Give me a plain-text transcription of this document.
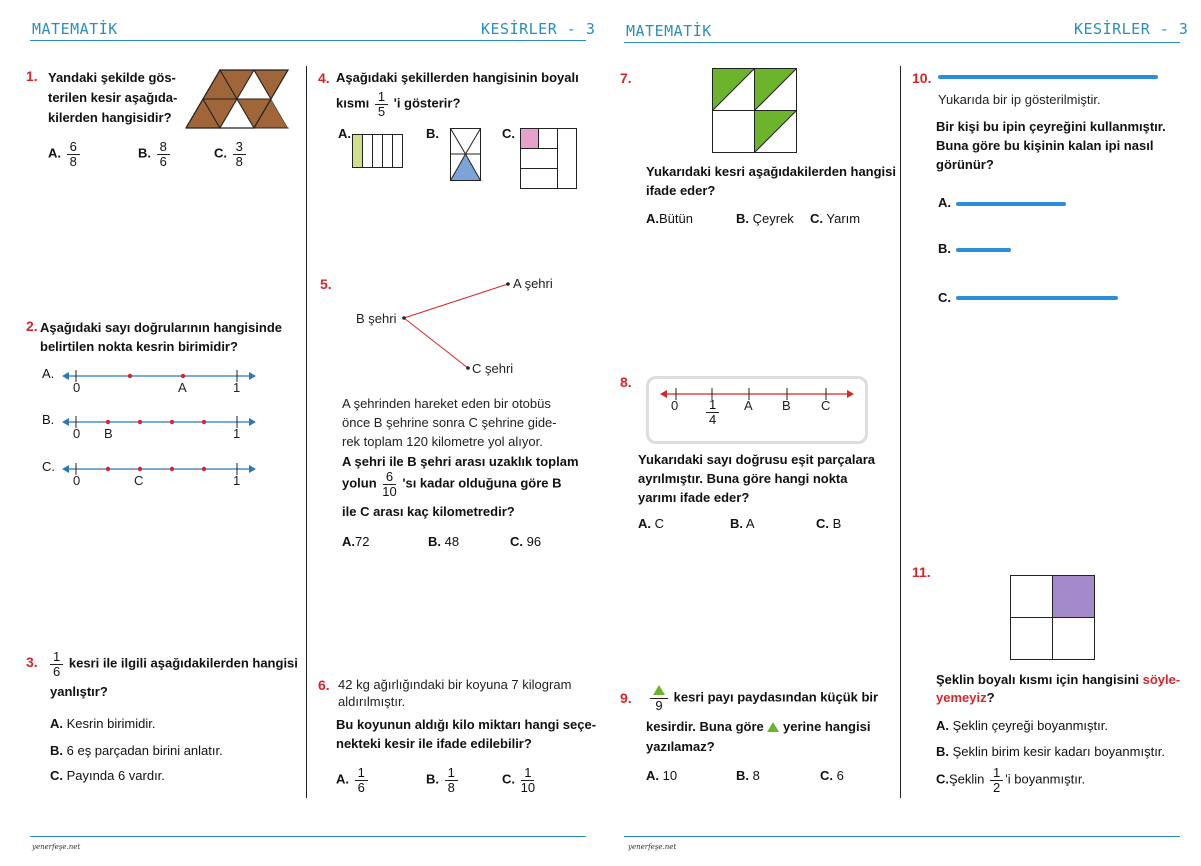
MATEMATİK	KESİRLER - 3 MATEMATİK	KESİRLER - 3
1. Yandaki şekilde gös-
terilen kesir aşağıda-
kilerden hangisidir?
A. $\frac{6}{8}$	B. $\frac{8}{6}$	C. $\frac{3}{8}$
2. Aşağıdaki sayı doğrularının hangisinde
belirtilen nokta kesrin birimidir?
A.
0	A	1
B.
0 B	1
C.
0	C	1
3. $\frac{1}{6}$ kesri ile ilgili aşağıdakilerden hangisi
yanlıştır?
A. Kesrin birimidir.
B. 6 eş parçadan birini anlatır.
C. Payında 6 vardır.
4. Aşağıdaki şekillerden hangisinin boyalı
kısmı $\frac{1}{5}$ 'i gösterir?
A.	B.	C.
5.	A şehri
B şehri
C şehri
A şehrinden hareket eden bir otobüs
önce B şehrine sonra C şehrine gide-
rek toplam 120 kilometre yol alıyor.
A şehri ile B şehri arası uzaklık toplam
yolun $\frac{6}{10}$ 'sı kadar olduğuna göre B
ile C arası kaç kilometredir?
A.72	B. 48	C. 96
6. 42 kg ağırlığındaki bir koyuna 7 kilogram
aldırılmıştır.
Bu koyunun aldığı kilo miktarı hangi seçe-
nekteki kesir ile ifade edilebilir?
A. $\frac{1}{6}$	B. $\frac{1}{8}$	C. $\frac{1}{10}$
7.
Yukarıdaki kesri aşağıdakilerden hangisi
ifade eder?
A.Bütün	B. Çeyrek C. Yarım
8.
$0 \frac{1}{4}$ A B C
Yukarıdaki sayı doğrusu eşit parçalara
ayrılmıştır. Buna göre hangi nokta
yarımı ifade eder?
A. C	B. A	C. B
9. 9
kesri payı paydasından küçük bir
kesirdir. Buna göre yerine hangisi
yazılamaz?
A. 10	B. 8	C. 6
10.
Yukarıda bir ip gösterilmiştir.
Bir kişi bu ipin çeyreğini kullanmıştır.
Buna göre bu kişinin kalan ipi nasıl
görünür?
A.
B.
C.
11.
Şeklin boyalı kısmı için hangisini söyle-
yemeyiz?
A. Şeklin çeyreği boyanmıştır.
B. Şeklin birim kesir kadarı boyanmıştır.
C.Şeklin $\frac{1}{2}$ 'i boyanmıştır.
yenerfeşe.net	yenerfeşe.net
